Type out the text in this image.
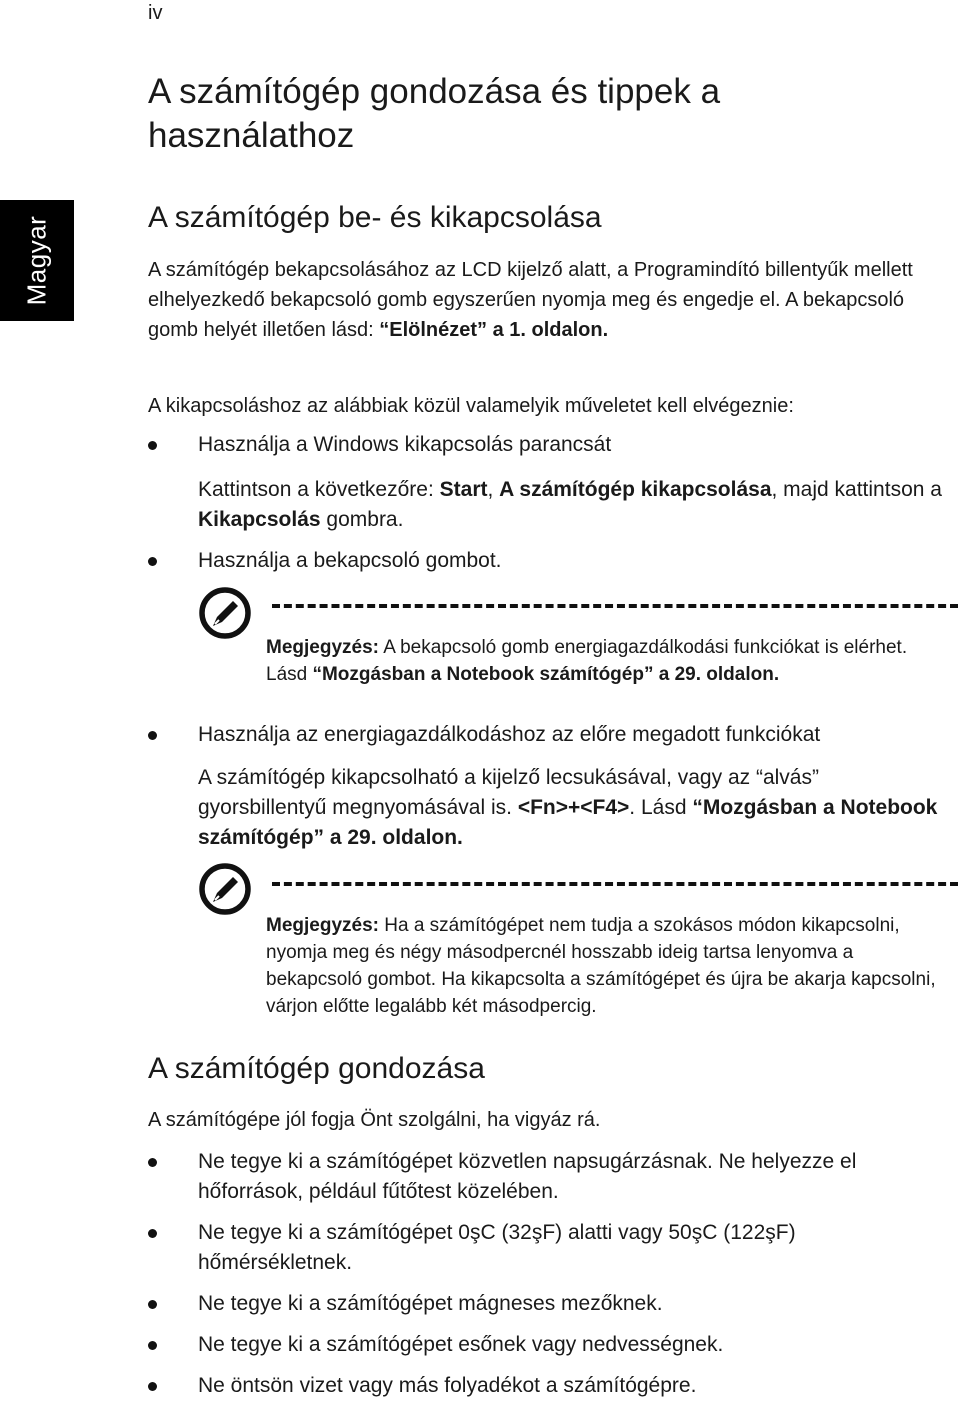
iv
Magyar
A számítógép gondozása és tippek a használathoz
A számítógép be- és kikapcsolása

A számítógép bekapcsolásához az LCD kijelző alatt, a Programindító billentyűk mellett elhelyezkedő bekapcsoló gomb egyszerűen nyomja meg és engedje el. A bekapcsoló gomb helyét illetően lásd: “Elölnézet” a 1. oldalon.

A kikapcsoláshoz az alábbiak közül valamelyik műveletet kell elvégeznie:

Használja a Windows kikapcsolás parancsát

Kattintson a következőre: Start, A számítógép kikapcsolása, majd kattintson a Kikapcsolás gombra.

Használja a bekapcsoló gombot.

Megjegyzés: A bekapcsoló gomb energiagazdálkodási funkciókat is elérhet. Lásd “Mozgásban a Notebook számítógép” a 29. oldalon.

Használja az energiagazdálkodáshoz az előre megadott funkciókat

A számítógép kikapcsolható a kijelző lecsukásával, vagy az “alvás” gyorsbillentyű megnyomásával is. <Fn>+<F4>. Lásd “Mozgásban a Notebook számítógép” a 29. oldalon.

Megjegyzés: Ha a számítógépet nem tudja a szokásos módon kikapcsolni, nyomja meg és négy másodpercnél hosszabb ideig tartsa lenyomva a bekapcsoló gombot. Ha kikapcsolta a számítógépet és újra be akarja kapcsolni, várjon előtte legalább két másodpercig.

A számítógép gondozása

A számítógépe jól fogja Önt szolgálni, ha vigyáz rá.

Ne tegye ki a számítógépet közvetlen napsugárzásnak. Ne helyezze el hőforrások, például fűtőtest közelében.
Ne tegye ki a számítógépet 0şC (32şF) alatti vagy 50şC (122şF) hőmérsékletnek.
Ne tegye ki a számítógépet mágneses mezőknek.
Ne tegye ki a számítógépet esőnek vagy nedvességnek.
Ne öntsön vizet vagy más folyadékot a számítógépre.
